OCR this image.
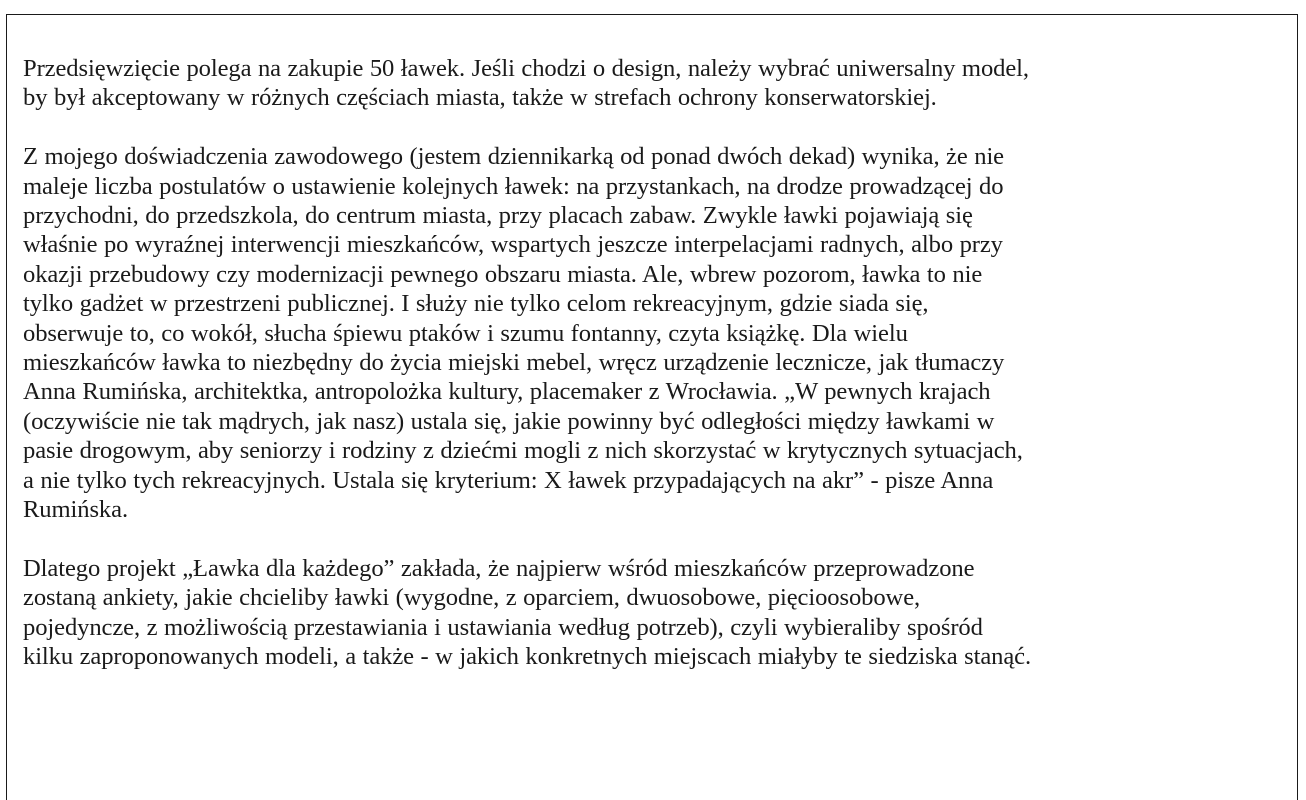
Przedsięwzięcie polega na zakupie 50 ławek. Jeśli chodzi o design, należy wybrać uniwersalny model,
by był akceptowany w różnych częściach miasta, także w strefach ochrony konserwatorskiej.

Z mojego doświadczenia zawodowego (jestem dziennikarką od ponad dwóch dekad) wynika, że nie
maleje liczba postulatów o ustawienie kolejnych ławek: na przystankach, na drodze prowadzącej do
przychodni, do przedszkola, do centrum miasta, przy placach zabaw. Zwykle ławki pojawiają się
właśnie po wyraźnej interwencji mieszkańców, wspartych jeszcze interpelacjami radnych, albo przy
okazji przebudowy czy modernizacji pewnego obszaru miasta. Ale, wbrew pozorom, ławka to nie
tylko gadżet w przestrzeni publicznej. I służy nie tylko celom rekreacyjnym, gdzie siada się,
obserwuje to, co wokół, słucha śpiewu ptaków i szumu fontanny, czyta książkę. Dla wielu
mieszkańców ławka to niezbędny do życia miejski mebel, wręcz urządzenie lecznicze, jak tłumaczy
Anna Rumińska, architektka, antropolożka kultury, placemaker z Wrocławia. „W pewnych krajach
(oczywiście nie tak mądrych, jak nasz) ustala się, jakie powinny być odległości między ławkami w
pasie drogowym, aby seniorzy i rodziny z dziećmi mogli z nich skorzystać w krytycznych sytuacjach,
a nie tylko tych rekreacyjnych. Ustala się kryterium: X ławek przypadających na akr” - pisze Anna
Rumińska.

Dlatego projekt „Ławka dla każdego” zakłada, że najpierw wśród mieszkańców przeprowadzone
zostaną ankiety, jakie chcieliby ławki (wygodne, z oparciem, dwuosobowe, pięcioosobowe,
pojedyncze, z możliwością przestawiania i ustawiania według potrzeb), czyli wybieraliby spośród
kilku zaproponowanych modeli, a także - w jakich konkretnych miejscach miałyby te siedziska stanąć.
